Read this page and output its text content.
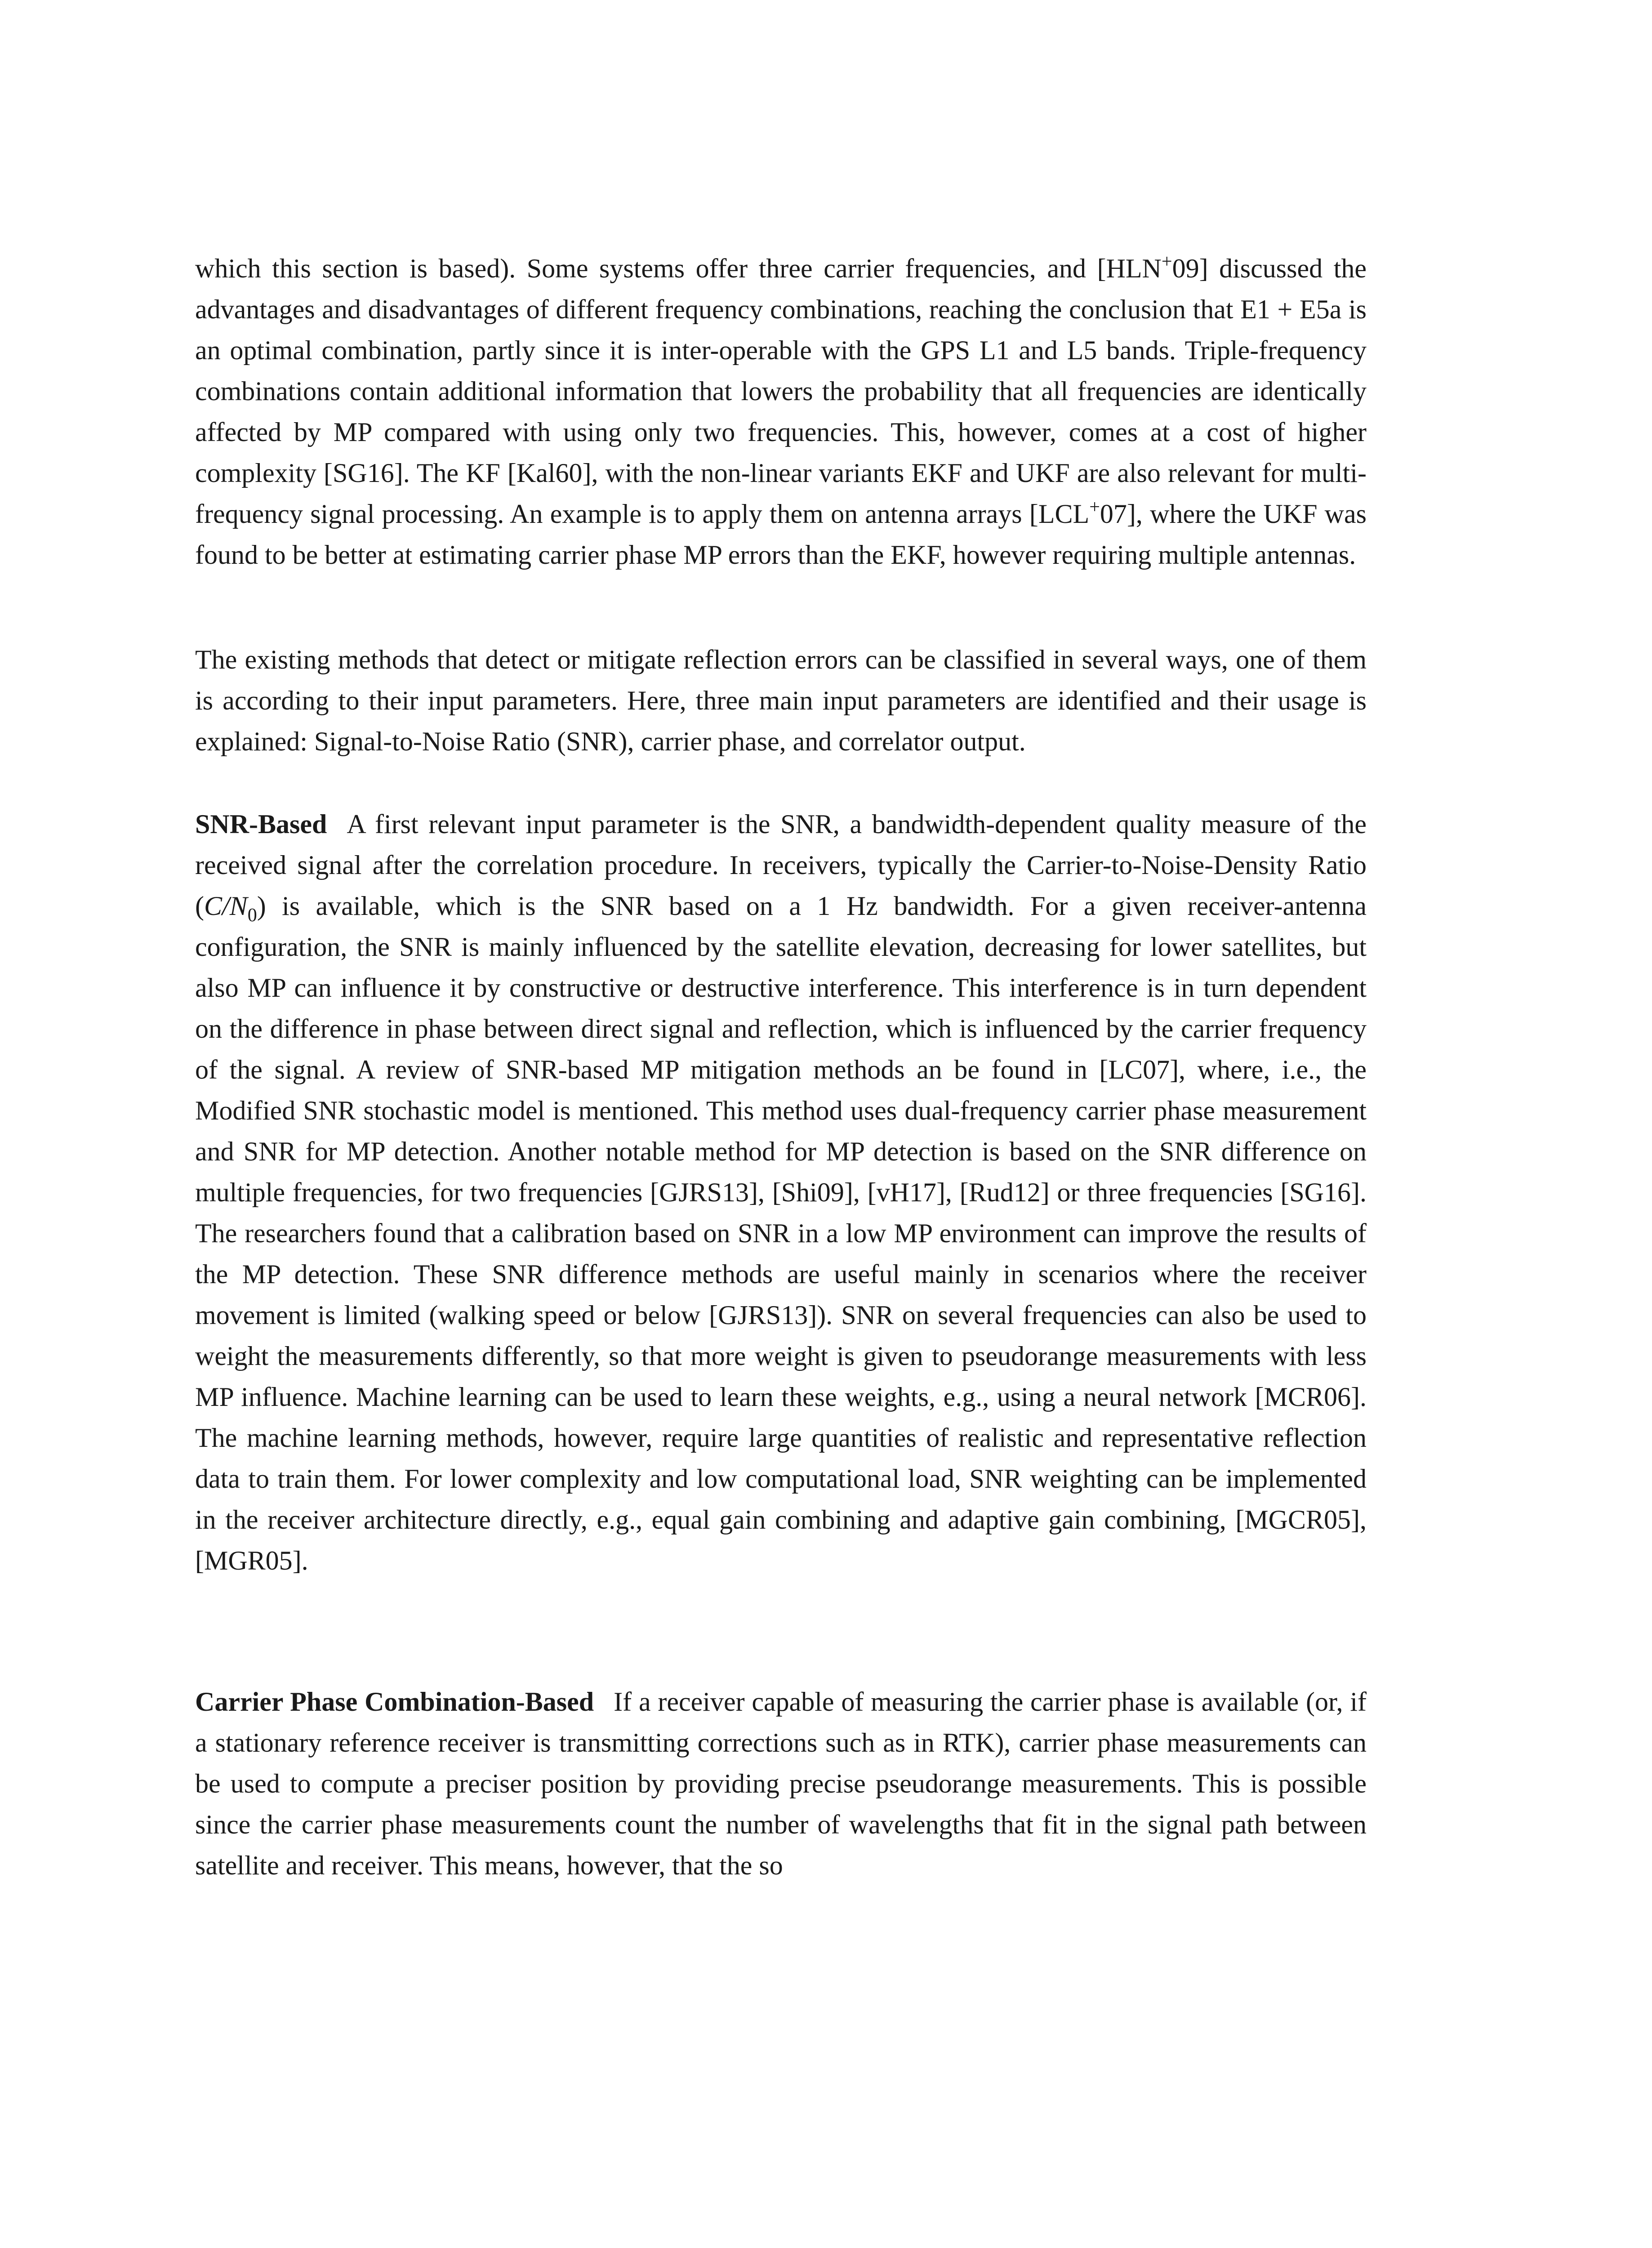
which this section is based). Some systems offer three carrier frequencies, and [HLN+09] discussed the advantages and disadvantages of different frequency combinations, reaching the conclusion that E1 + E5a is an optimal combination, partly since it is inter-operable with the GPS L1 and L5 bands. Triple-frequency combinations contain additional information that lowers the probability that all frequencies are identically affected by MP compared with using only two frequencies. This, however, comes at a cost of higher complexity [SG16]. The KF [Kal60], with the non-linear variants EKF and UKF are also relevant for multi-frequency signal processing. An example is to apply them on antenna arrays [LCL+07], where the UKF was found to be better at estimating carrier phase MP errors than the EKF, however requiring multiple antennas.

The existing methods that detect or mitigate reflection errors can be classified in several ways, one of them is according to their input parameters. Here, three main input parameters are identified and their usage is explained: Signal-to-Noise Ratio (SNR), carrier phase, and correlator output.

SNR-Based A first relevant input parameter is the SNR, a bandwidth-dependent quality measure of the received signal after the correlation procedure. In receivers, typically the Carrier-to-Noise-Density Ratio $(C/N_0)$ is available, which is the SNR based on a 1 Hz bandwidth. For a given receiver-antenna configuration, the SNR is mainly influenced by the satellite elevation, decreasing for lower satellites, but also MP can influence it by constructive or destructive interference. This interference is in turn dependent on the difference in phase between direct signal and reflection, which is influenced by the carrier frequency of the signal. A review of SNR-based MP mitigation methods an be found in [LC07], where, i.e., the Modified SNR stochastic model is mentioned. This method uses dual-frequency carrier phase measurement and SNR for MP detection. Another notable method for MP detection is based on the SNR difference on multiple frequencies, for two frequencies [GJRS13], [Shi09], [vH17], [Rud12] or three frequencies [SG16]. The researchers found that a calibration based on SNR in a low MP environment can improve the results of the MP detection. These SNR difference methods are useful mainly in scenarios where the receiver movement is limited (walking speed or below [GJRS13]). SNR on several frequencies can also be used to weight the measurements differently, so that more weight is given to pseudorange measurements with less MP influence. Machine learning can be used to learn these weights, e.g., using a neural network [MCR06]. The machine learning methods, however, require large quantities of realistic and representative reflection data to train them. For lower complexity and low computational load, SNR weighting can be implemented in the receiver architecture directly, e.g., equal gain combining and adaptive gain combining, [MGCR05], [MGR05].

Carrier Phase Combination-Based If a receiver capable of measuring the carrier phase is available (or, if a stationary reference receiver is transmitting corrections such as in RTK), carrier phase measurements can be used to compute a preciser position by providing precise pseudorange measurements. This is possible since the carrier phase measurements count the number of wavelengths that fit in the signal path between satellite and receiver. This means, however, that the so
